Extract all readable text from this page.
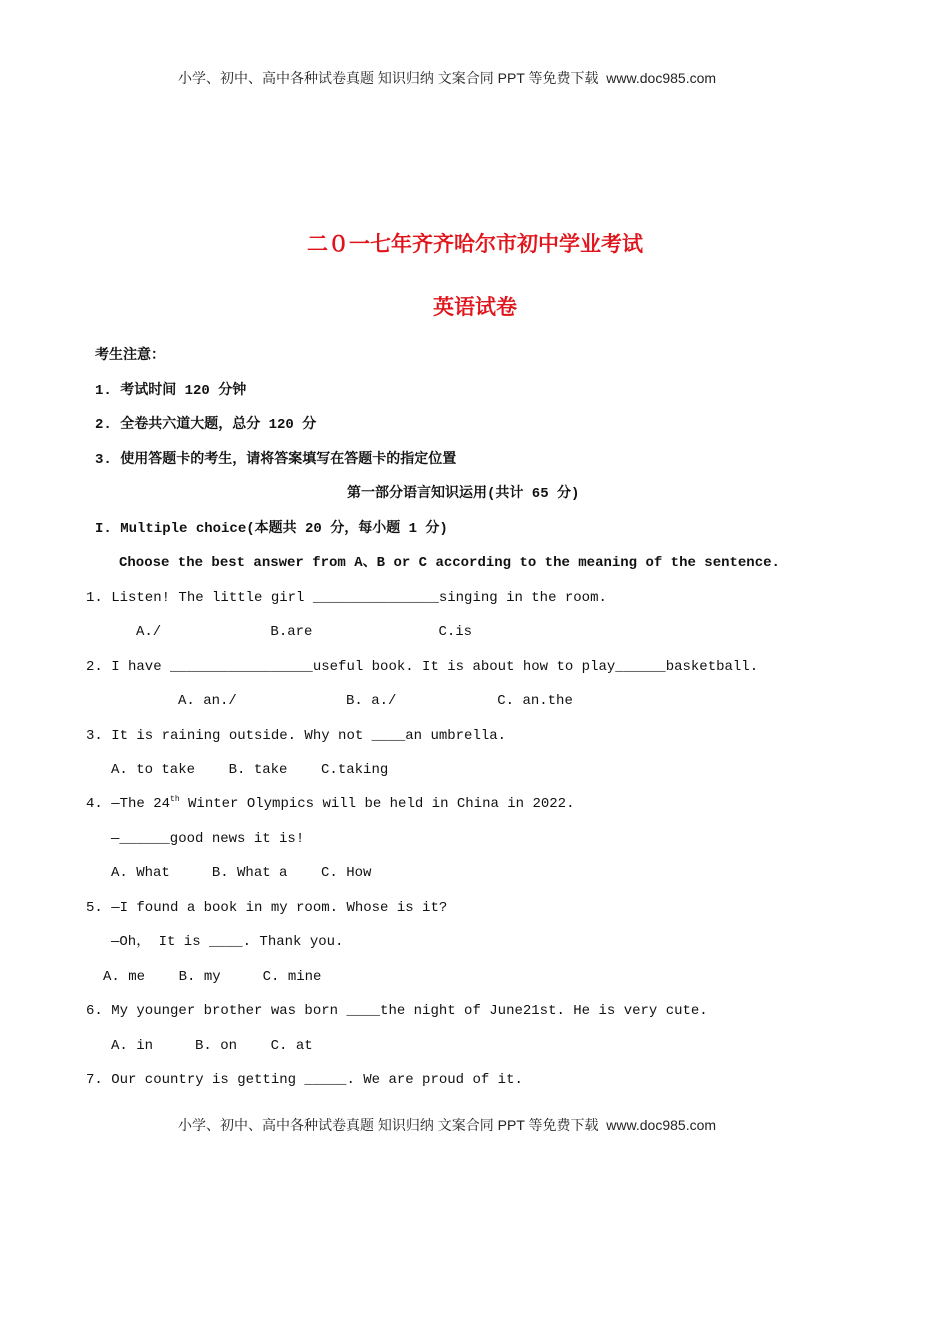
小学、初中、高中各种试卷真题 知识归纳 文案合同 PPT 等免费下载  www.doc985.com
二０一七年齐齐哈尔市初中学业考试
英语试卷
考生注意：
1. 考试时间 120 分钟
2. 全卷共六道大题，总分 120 分
3. 使用答题卡的考生，请将答案填写在答题卡的指定位置
第一部分语言知识运用(共计 65 分)
I. Multiple choice(本题共 20 分，每小题 1 分)
Choose the best answer from A、B or C according to the meaning of the sentence.
1. Listen! The little girl _______________singing in the room.
A./             B.are               C.is
2. I have _________________useful book. It is about how to play______basketball.
A. an./             B. a./            C. an.the
3. It is raining outside. Why not ____an umbrella.
A. to take    B. take    C.taking
4. —The 24th Winter Olympics will be held in China in 2022.
—______good news it is!
A. What     B. What a    C. How
5. —I found a book in my room. Whose is it?
—Oh， It is ____. Thank you.
A. me    B. my     C. mine
6. My younger brother was born ____the night of June21st. He is very cute.
A. in     B. on    C. at
7. Our country is getting _____. We are proud of it.
小学、初中、高中各种试卷真题 知识归纳 文案合同 PPT 等免费下载  www.doc985.com
